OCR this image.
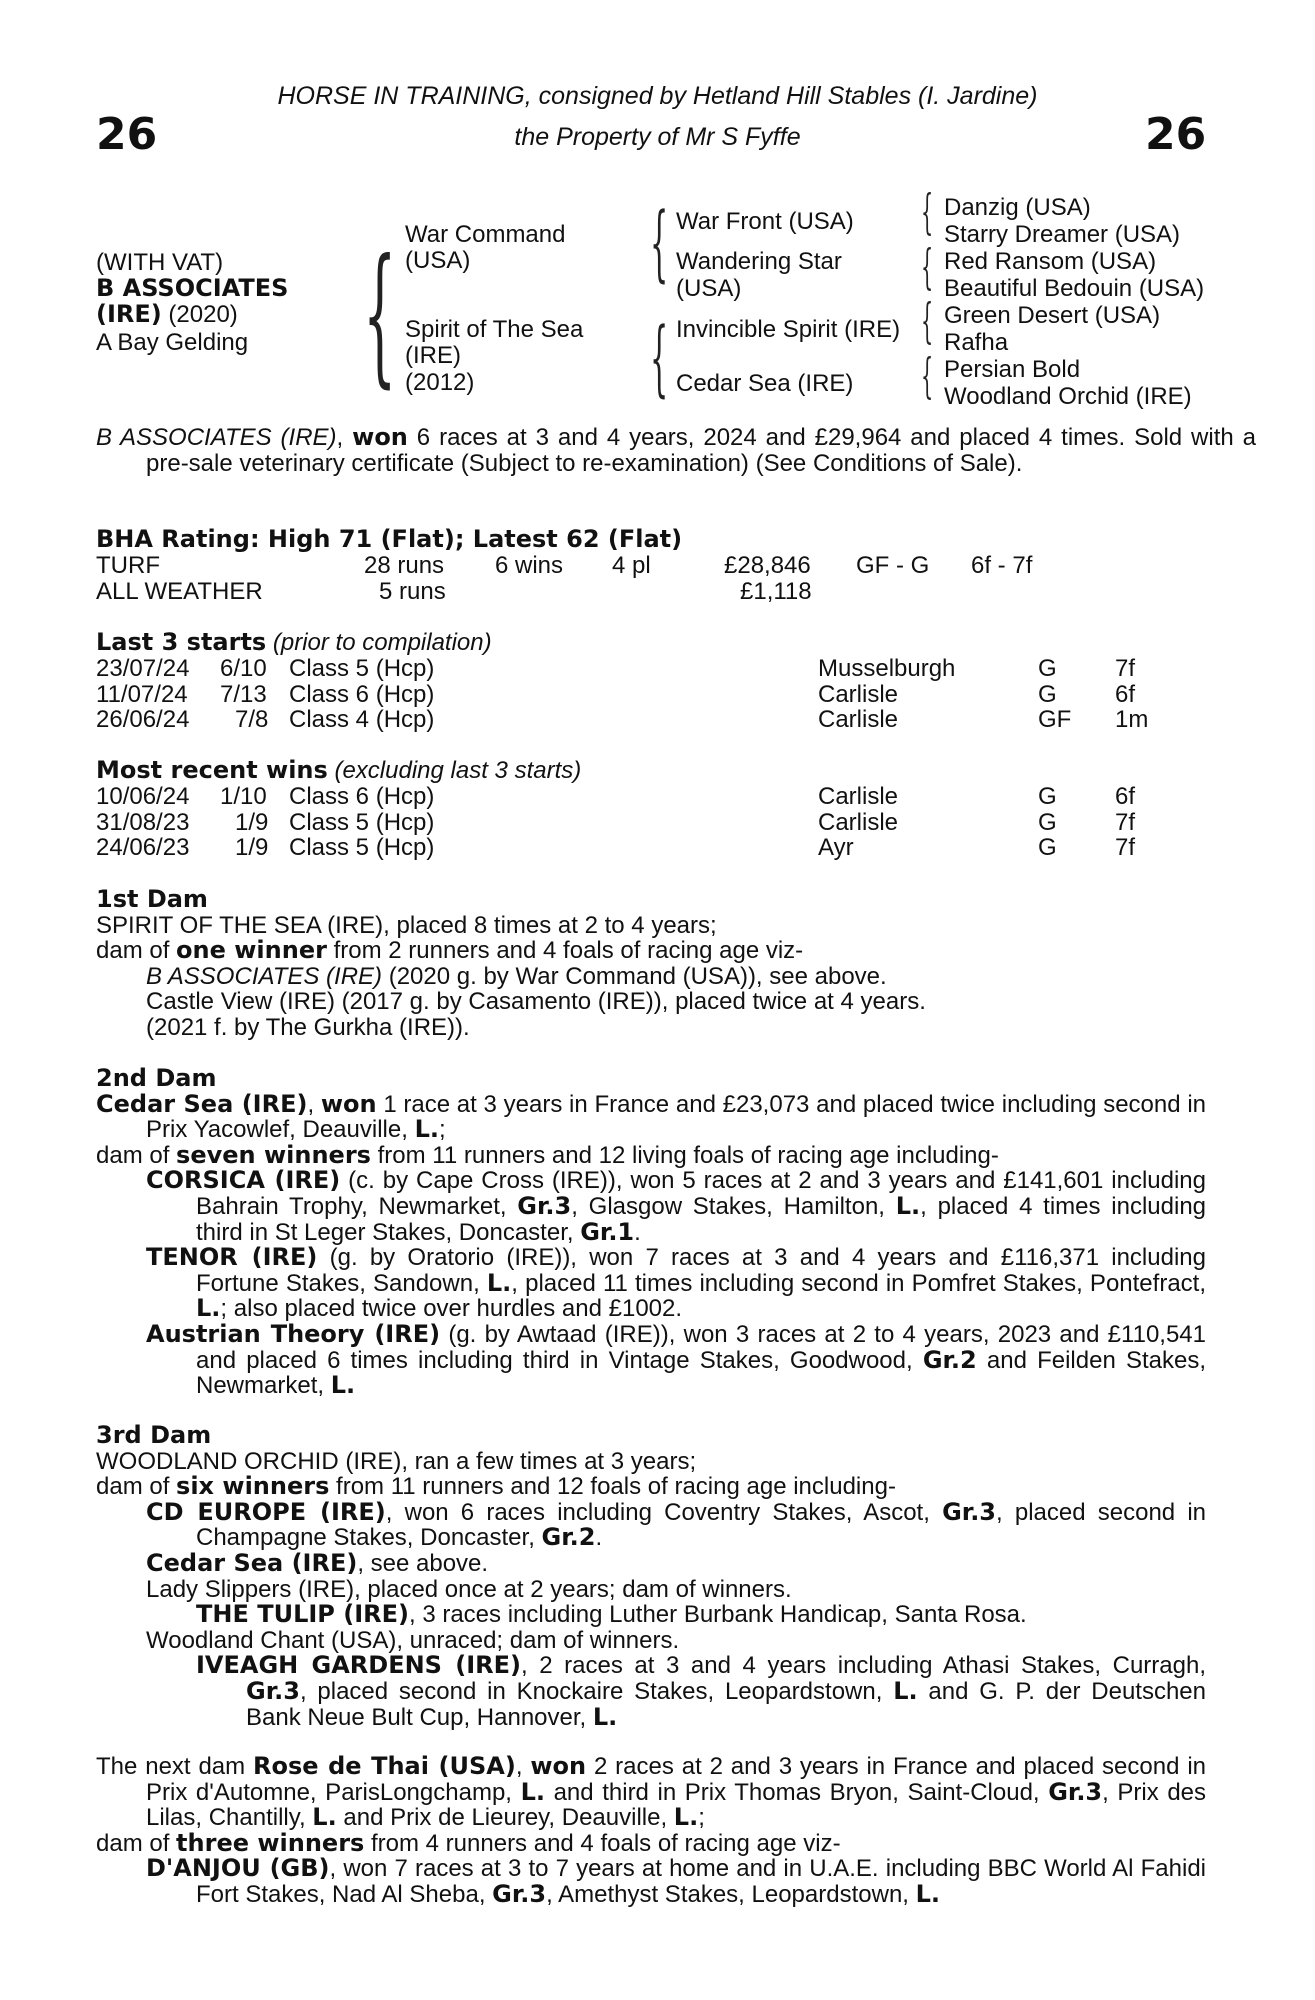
26	26
HORSE IN TRAINING, consigned by Hetland Hill Stables (I. Jardine)
the Property of Mr S Fyffe
(WITH VAT)
B ASSOCIATES
(IRE) (2020)
A Bay Gelding {	{
{
{
{
{
{
War Command
(USA)
Spirit of The Sea
(IRE)
(2012)
War Front (USA)
Wandering Star
(USA)
Invincible Spirit (IRE)
Cedar Sea (IRE)
Danzig (USA)
Starry Dreamer (USA)
Red Ransom (USA)
Beautiful Bedouin (USA)
Green Desert (USA)
Rafha
Persian Bold
Woodland Orchid (IRE)
B ASSOCIATES (IRE), won 6 races at 3 and 4 years, 2024 and £29,964 and placed 4 times. Sold with a pre-sale veterinary certificate (Subject to re-examination) (See Conditions of Sale).
BHA Rating: High 71 (Flat); Latest 62 (Flat)
TURF	28 runs 6 wins 4 pl	£28,846 GF - G 6f - 7f
ALL WEATHER	5 runs	£1,118
Last 3 starts (prior to compilation)
23/07/24 6/10 Class 5 (Hcp)	Musselburgh	G 7f
11/07/24 7/13 Class 6 (Hcp)	Carlisle	G 6f
26/06/24 7/8 Class 4 (Hcp)	Carlisle	GF 1m
Most recent wins (excluding last 3 starts)
10/06/24 1/10 Class 6 (Hcp)	Carlisle	G 6f
31/08/23 1/9 Class 5 (Hcp)	Carlisle	G 7f
24/06/23 1/9 Class 5 (Hcp)	Ayr	G 7f
1st Dam
SPIRIT OF THE SEA (IRE), placed 8 times at 2 to 4 years;
dam of one winner from 2 runners and 4 foals of racing age viz-
B ASSOCIATES (IRE) (2020 g. by War Command (USA)), see above.
Castle View (IRE) (2017 g. by Casamento (IRE)), placed twice at 4 years.
(2021 f. by The Gurkha (IRE)).
2nd Dam
Cedar Sea (IRE), won 1 race at 3 years in France and £23,073 and placed twice including second in Prix Yacowlef, Deauville, L.;
dam of seven winners from 11 runners and 12 living foals of racing age including-
CORSICA (IRE) (c. by Cape Cross (IRE)), won 5 races at 2 and 3 years and £141,601 including Bahrain Trophy, Newmarket, Gr.3, Glasgow Stakes, Hamilton, L., placed 4 times including third in St Leger Stakes, Doncaster, Gr.1.
TENOR (IRE) (g. by Oratorio (IRE)), won 7 races at 3 and 4 years and £116,371 including Fortune Stakes, Sandown, L., placed 11 times including second in Pomfret Stakes, Pontefract, L.; also placed twice over hurdles and £1002.
Austrian Theory (IRE) (g. by Awtaad (IRE)), won 3 races at 2 to 4 years, 2023 and £110,541 and placed 6 times including third in Vintage Stakes, Goodwood, Gr.2 and Feilden Stakes, Newmarket, L.
3rd Dam
WOODLAND ORCHID (IRE), ran a few times at 3 years;
dam of six winners from 11 runners and 12 foals of racing age including-
CD EUROPE (IRE), won 6 races including Coventry Stakes, Ascot, Gr.3, placed second in Champagne Stakes, Doncaster, Gr.2.
Cedar Sea (IRE), see above.
Lady Slippers (IRE), placed once at 2 years; dam of winners.
THE TULIP (IRE), 3 races including Luther Burbank Handicap, Santa Rosa.
Woodland Chant (USA), unraced; dam of winners.
IVEAGH GARDENS (IRE), 2 races at 3 and 4 years including Athasi Stakes, Curragh, Gr.3, placed second in Knockaire Stakes, Leopardstown, L. and G. P. der Deutschen Bank Neue Bult Cup, Hannover, L.
The next dam Rose de Thai (USA), won 2 races at 2 and 3 years in France and placed second in Prix d'Automne, ParisLongchamp, L. and third in Prix Thomas Bryon, Saint-Cloud, Gr.3, Prix des Lilas, Chantilly, L. and Prix de Lieurey, Deauville, L.;
dam of three winners from 4 runners and 4 foals of racing age viz-
D'ANJOU (GB), won 7 races at 3 to 7 years at home and in U.A.E. including BBC World Al Fahidi Fort Stakes, Nad Al Sheba, Gr.3, Amethyst Stakes, Leopardstown, L.
